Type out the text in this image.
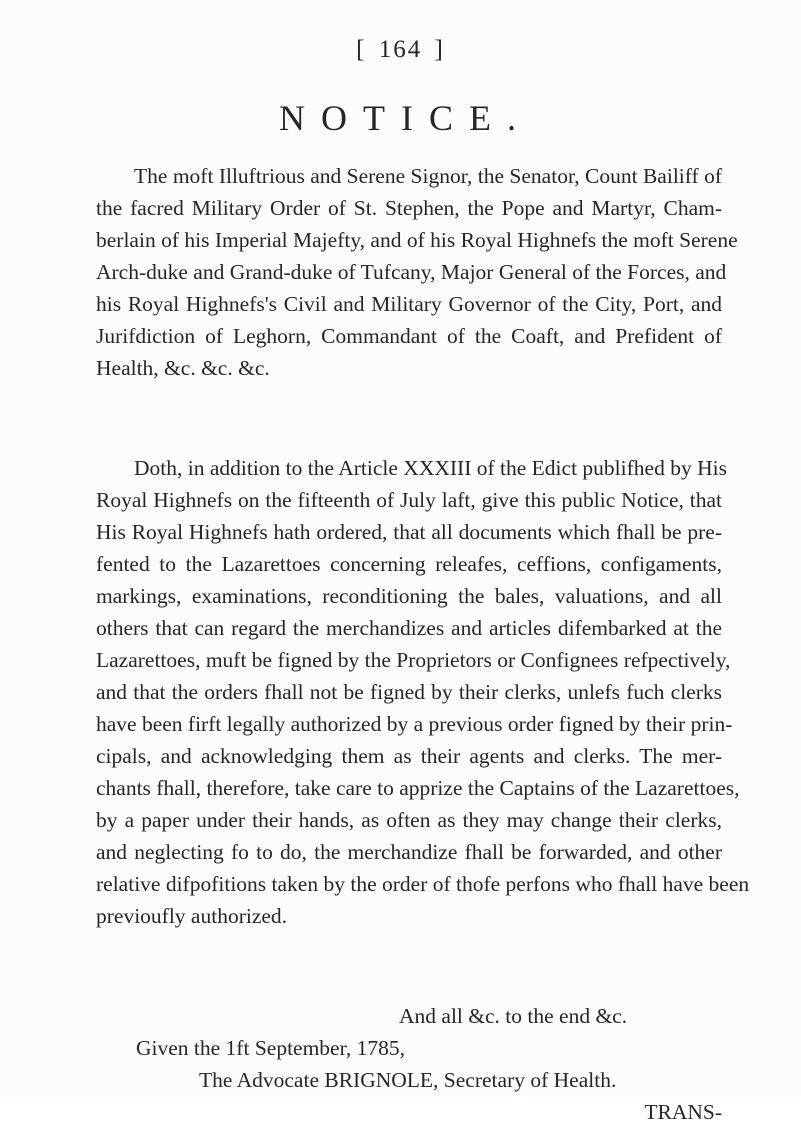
[ 164 ]
NOTICE.
The moft Illuftrious and Serene Signor, the Senator, Count Bailiff of
the facred Military Order of St. Stephen, the Pope and Martyr, Cham-
berlain of his Imperial Majefty, and of his Royal Highnefs the moft Serene
Arch-duke and Grand-duke of Tufcany, Major General of the Forces, and
his Royal Highnefs's Civil and Military Governor of the City, Port, and
Jurifdiction of Leghorn, Commandant of the Coaft, and Prefident of
Health, &c. &c. &c.
Doth, in addition to the Article XXXIII of the Edict publifhed by His
Royal Highnefs on the fifteenth of July laft, give this public Notice, that
His Royal Highnefs hath ordered, that all documents which fhall be pre-
fented to the Lazarettoes concerning releafes, ceffions, configaments,
markings, examinations, reconditioning the bales, valuations, and all
others that can regard the merchandizes and articles difembarked at the
Lazarettoes, muft be figned by the Proprietors or Confignees refpectively,
and that the orders fhall not be figned by their clerks, unlefs fuch clerks
have been firft legally authorized by a previous order figned by their prin-
cipals, and acknowledging them as their agents and clerks. The mer-
chants fhall, therefore, take care to apprize the Captains of the Lazarettoes,
by a paper under their hands, as often as they may change their clerks,
and neglecting fo to do, the merchandize fhall be forwarded, and other
relative difpofitions taken by the order of thofe perfons who fhall have been
previoufly authorized.
And all &c. to the end &c.
Given the 1ft September, 1785,
The Advocate BRIGNOLE, Secretary of Health.
TRANS-
